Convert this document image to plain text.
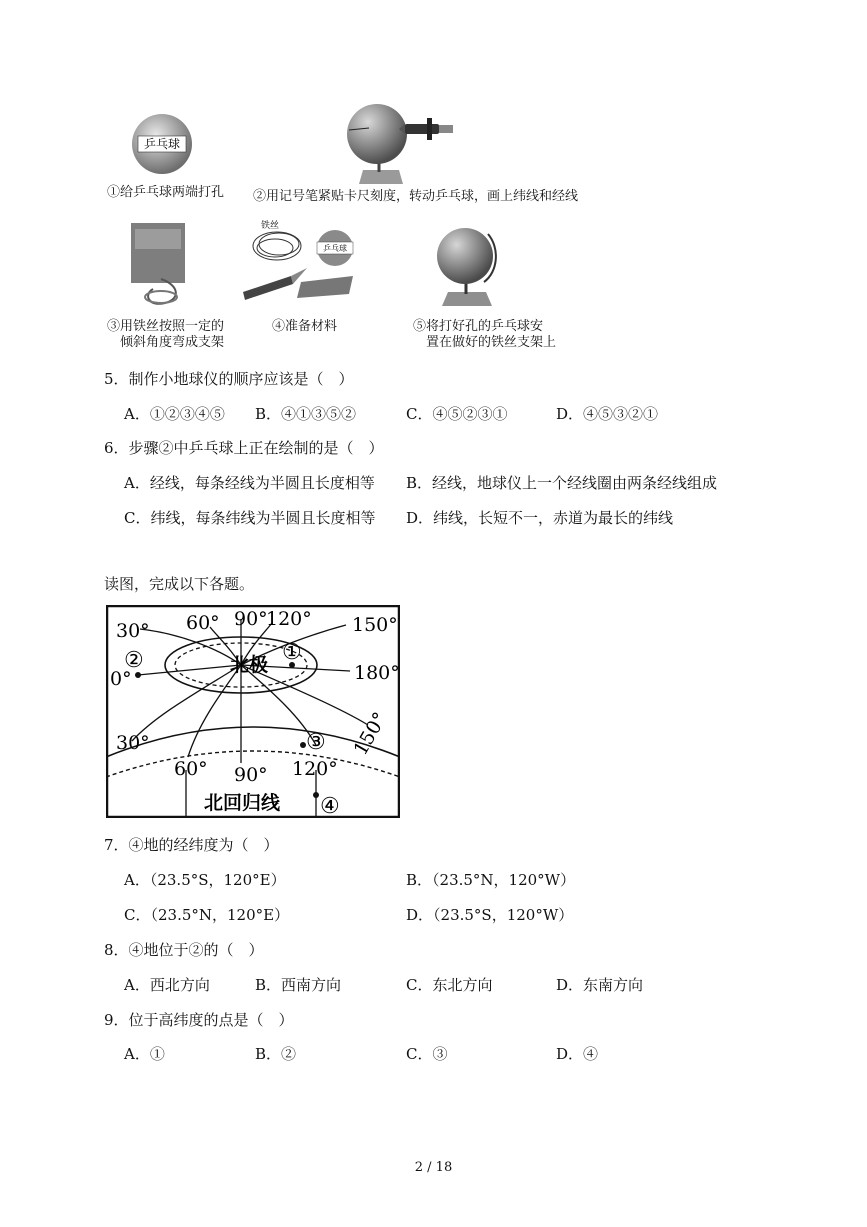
乒乓球
①给乒乓球两端打孔 ②用记号笔紧贴卡尺刻度，转动乒乓球，画上纬线和经线
③用铁丝按照一定的
　倾斜角度弯成支架
铁丝
乒乓球
④准备材料	⑤将打好孔的乒乓球安
　置在做好的铁丝支架上
5．制作小地球仪的顺序应该是（　）
A．①②③④⑤ B．④①③⑤②	C．④⑤②③①	D．④⑤③②①
6．步骤②中乒乓球上正在绘制的是（　）
A．经线，每条经线为半圆且长度相等 B．经线，地球仪上一个经线圈由两条经线组成
C．纬线，每条纬线为半圆且长度相等 D．纬线，长短不一，赤道为最长的纬线
读图，完成以下各题。
30° 60° 90°
120° 150°
0°	180°
北极
②	①
30°
60° 90° 120°
③ 150°
北回归线 ④
7．④地的经纬度为（　）
A．（23.5°S，120°E）	B．（23.5°N，120°W）
C．（23.5°N，120°E）	D．（23.5°S，120°W）
8．④地位于②的（　）
A．西北方向	B．西南方向	C．东北方向	D．东南方向
9．位于高纬度的点是（　）
A．①	B．②	C．③	D．④
2 / 18
